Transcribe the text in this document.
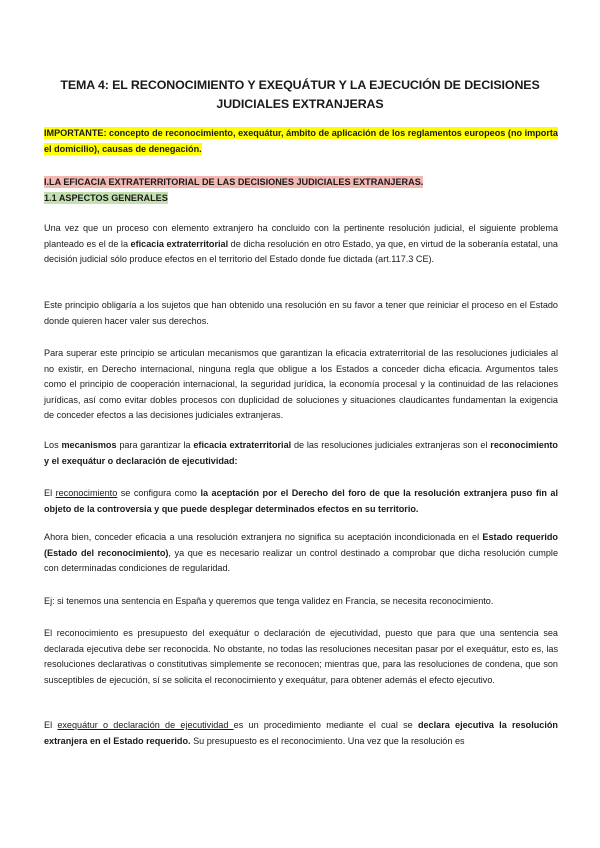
TEMA 4: EL RECONOCIMIENTO Y EXEQUÁTUR Y LA EJECUCIÓN DE DECISIONES
JUDICIALES EXTRANJERAS
IMPORTANTE: concepto de reconocimiento, exequátur, ámbito de aplicación de los reglamentos europeos (no importa el domicilio), causas de denegación.
I.LA EFICACIA EXTRATERRITORIAL DE LAS DECISIONES JUDICIALES EXTRANJERAS.
1.1 ASPECTOS GENERALES
Una vez que un proceso con elemento extranjero ha concluido con la pertinente resolución judicial, el siguiente problema planteado es el de la eficacia extraterritorial de dicha resolución en otro Estado, ya que, en virtud de la soberanía estatal, una decisión judicial sólo produce efectos en el territorio del Estado donde fue dictada (art.117.3 CE).
Este principio obligaría a los sujetos que han obtenido una resolución en su favor a tener que reiniciar el proceso en el Estado donde quieren hacer valer sus derechos.
Para superar este principio se articulan mecanismos que garantizan la eficacia extraterritorial de las resoluciones judiciales al no existir, en Derecho internacional, ninguna regla que obligue a los Estados a conceder dicha eficacia. Argumentos tales como el principio de cooperación internacional, la seguridad jurídica, la economía procesal y la continuidad de las relaciones jurídicas, así como evitar dobles procesos con duplicidad de soluciones y situaciones claudicantes fundamentan la exigencia de conceder efectos a las decisiones judiciales extranjeras.
Los mecanismos para garantizar la eficacia extraterritorial de las resoluciones judiciales extranjeras son el reconocimiento y el exequátur o declaración de ejecutividad:
El reconocimiento se configura como la aceptación por el Derecho del foro de que la resolución extranjera puso fin al objeto de la controversia y que puede desplegar determinados efectos en su territorio.
Ahora bien, conceder eficacia a una resolución extranjera no significa su aceptación incondicionada en el Estado requerido (Estado del reconocimiento), ya que es necesario realizar un control destinado a comprobar que dicha resolución cumple con determinadas condiciones de regularidad.
Ej: si tenemos una sentencia en España y queremos que tenga validez en Francia, se necesita reconocimiento.
El reconocimiento es presupuesto del exequátur o declaración de ejecutividad, puesto que para que una sentencia sea declarada ejecutiva debe ser reconocida. No obstante, no todas las resoluciones necesitan pasar por el exequátur, esto es, las resoluciones declarativas o constitutivas simplemente se reconocen; mientras que, para las resoluciones de condena, que son susceptibles de ejecución, sí se solicita el reconocimiento y exequátur, para obtener además el efecto ejecutivo.
El exequátur o declaración de ejecutividad es un procedimiento mediante el cual se declara ejecutiva la resolución extranjera en el Estado requerido. Su presupuesto es el reconocimiento. Una vez que la resolución es
